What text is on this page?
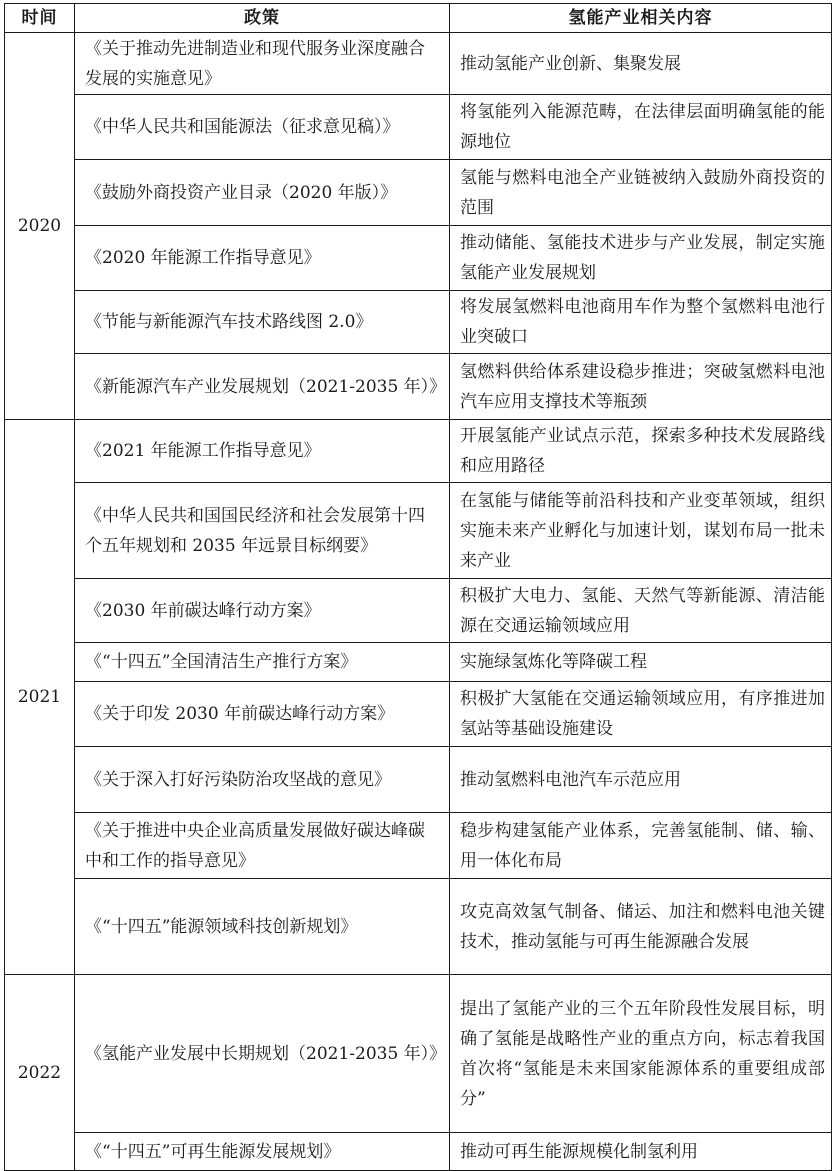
时间	政策	氢能产业相关内容
2020	《关于推动先进制造业和现代服务业深度融合发展的实施意见》	推动氢能产业创新、集聚发展
	《中华人民共和国能源法（征求意见稿）》	将氢能列入能源范畴，在法律层面明确氢能的能源地位
	《鼓励外商投资产业目录（2020 年版）》	氢能与燃料电池全产业链被纳入鼓励外商投资的范围
	《2020 年能源工作指导意见》	推动储能、氢能技术进步与产业发展，制定实施氢能产业发展规划
	《节能与新能源汽车技术路线图 2.0》	将发展氢燃料电池商用车作为整个氢燃料电池行业突破口
	《新能源汽车产业发展规划（2021-2035 年）》	氢燃料供给体系建设稳步推进；突破氢燃料电池汽车应用支撑技术等瓶颈
2021	《2021 年能源工作指导意见》	开展氢能产业试点示范，探索多种技术发展路线和应用路径
	《中华人民共和国国民经济和社会发展第十四个五年规划和 2035 年远景目标纲要》	在氢能与储能等前沿科技和产业变革领域，组织实施未来产业孵化与加速计划，谋划布局一批未来产业
	《2030 年前碳达峰行动方案》	积极扩大电力、氢能、天然气等新能源、清洁能源在交通运输领域应用
	《“十四五”全国清洁生产推行方案》	实施绿氢炼化等降碳工程
	《关于印发 2030 年前碳达峰行动方案》	积极扩大氢能在交通运输领域应用，有序推进加氢站等基础设施建设
	《关于深入打好污染防治攻坚战的意见》	推动氢燃料电池汽车示范应用
	《关于推进中央企业高质量发展做好碳达峰碳中和工作的指导意见》	稳步构建氢能产业体系，完善氢能制、储、输、用一体化布局
	《“十四五”能源领域科技创新规划》	攻克高效氢气制备、储运、加注和燃料电池关键技术，推动氢能与可再生能源融合发展
2022	《氢能产业发展中长期规划（2021-2035 年）》	提出了氢能产业的三个五年阶段性发展目标，明确了氢能是战略性产业的重点方向，标志着我国首次将“氢能是未来国家能源体系的重要组成部分”
	《“十四五”可再生能源发展规划》	推动可再生能源规模化制氢利用
